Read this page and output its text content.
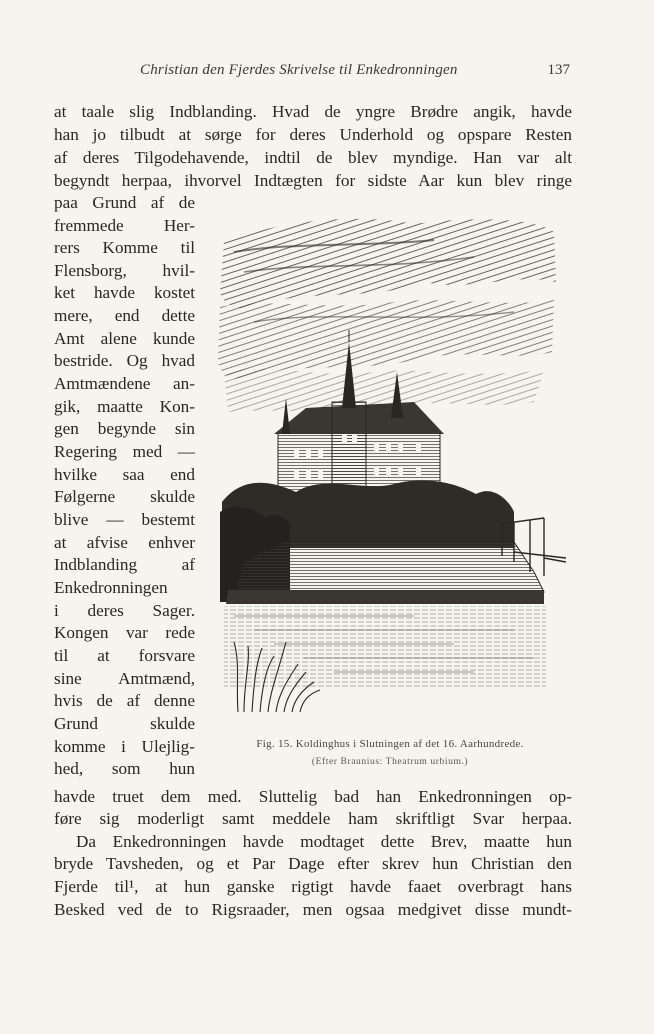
Christian den Fjerdes Skrivelse til Enkedronningen	137
at taale slig Indblanding. Hvad de yngre Brødre angik, havde
han jo tilbudt at sørge for deres Underhold og opspare Resten
af deres Tilgodehavende, indtil de blev myndige. Han var alt
begyndt herpaa, ihvorvel Indtægten for sidste Aar kun blev ringe
paa Grund af de
fremmede Her-
rers Komme til
Flensborg, hvil-
ket havde kostet
mere, end dette
Amt alene kunde
bestride. Og hvad
Amtmændene an-
gik, maatte Kon-
gen begynde sin
Regering med —
hvilke saa end
Følgerne skulde
blive — bestemt
at afvise enhver
Indblanding af
Enkedronningen
i deres Sager.
Kongen var rede
til at forsvare
sine Amtmænd,
hvis de af denne
Grund skulde
komme i Ulejlig-
hed, som hun
Fig. 15. Koldinghus i Slutningen af det 16. Aarhundrede.
(Efter Braunius: Theatrum urbium.)
havde truet dem med. Sluttelig bad han Enkedronningen op-
føre sig moderligt samt meddele ham skriftligt Svar herpaa.
Da Enkedronningen havde modtaget dette Brev, maatte hun
bryde Tavsheden, og et Par Dage efter skrev hun Christian den
Fjerde til¹, at hun ganske rigtigt havde faaet overbragt hans
Besked ved de to Rigsraader, men ogsaa medgivet disse mundt-
